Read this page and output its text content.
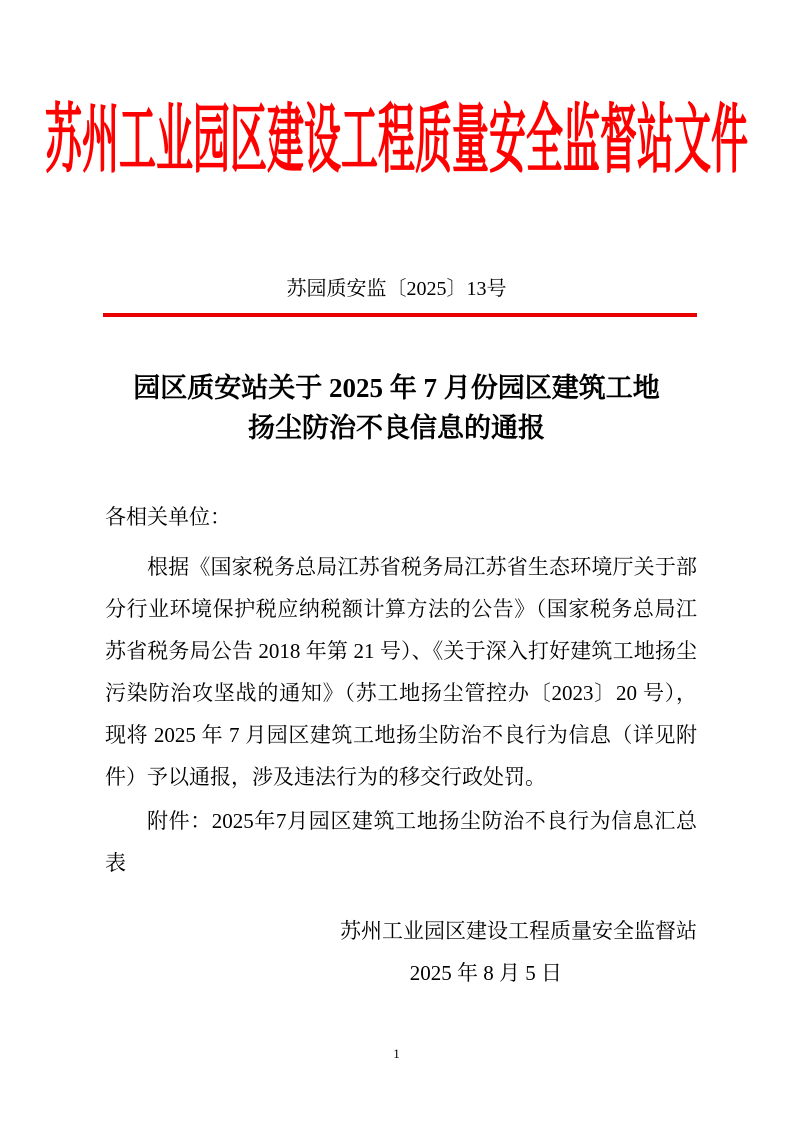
苏州工业园区建设工程质量安全监督站文件
苏园质安监〔2025〕13号
园区质安站关于 2025 年 7 月份园区建筑工地
扬尘防治不良信息的通报
各相关单位：
根据《国家税务总局江苏省税务局江苏省生态环境厅关于部分行业环境保护税应纳税额计算方法的公告》（国家税务总局江苏省税务局公告 2018 年第 21 号）、《关于深入打好建筑工地扬尘污染防治攻坚战的通知》（苏工地扬尘管控办〔2023〕20 号），现将 2025 年 7 月园区建筑工地扬尘防治不良行为信息（详见附件）予以通报，涉及违法行为的移交行政处罚。
附件：2025年7月园区建筑工地扬尘防治不良行为信息汇总表
苏州工业园区建设工程质量安全监督站
2025 年 8 月 5 日
1
